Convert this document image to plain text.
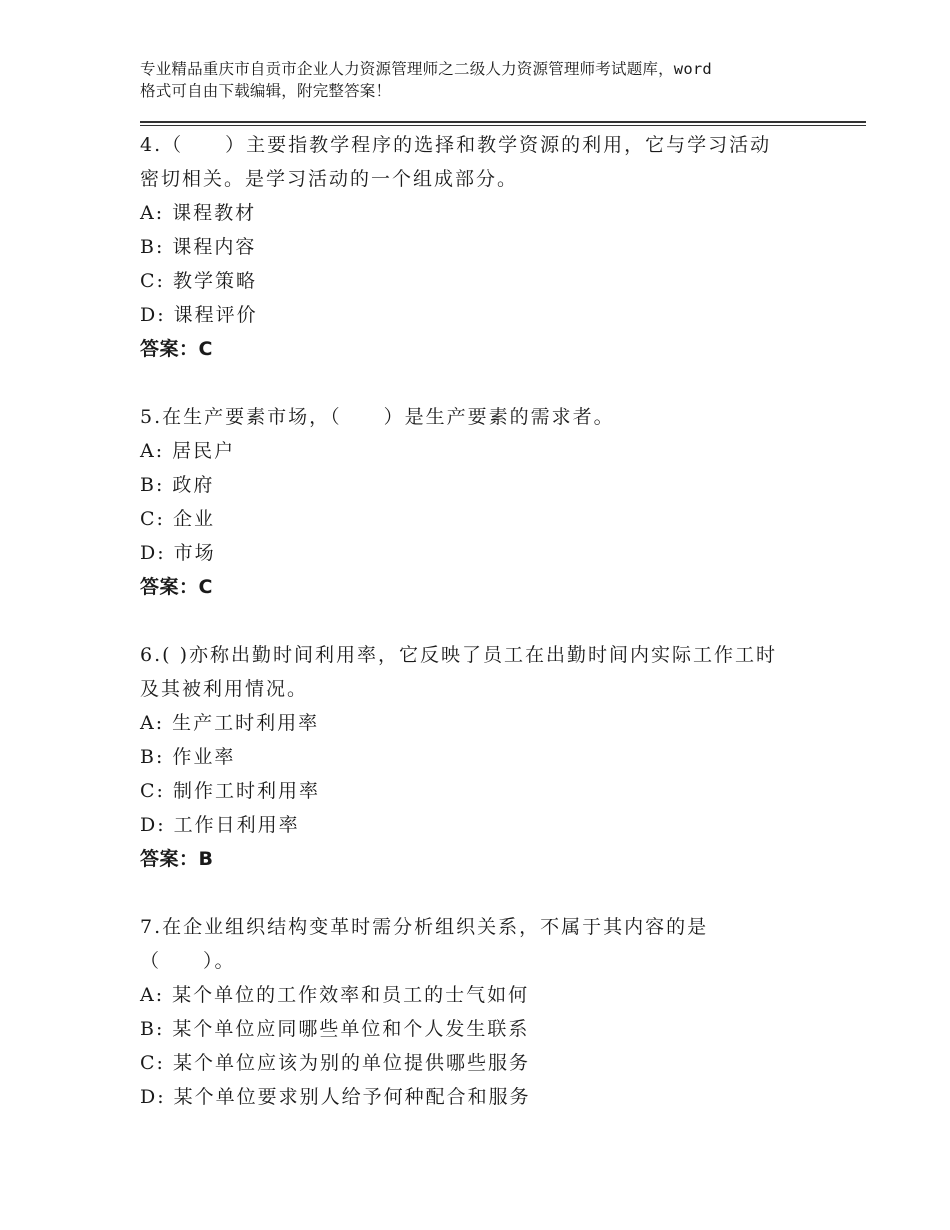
专业精品重庆市自贡市企业人力资源管理师之二级人力资源管理师考试题库，word
格式可自由下载编辑，附完整答案！
4.（　　）主要指教学程序的选择和教学资源的利用，它与学习活动
密切相关。是学习活动的一个组成部分。
A: 课程教材
B: 课程内容
C: 教学策略
D: 课程评价
答案：C
5.在生产要素市场，（　　）是生产要素的需求者。
A: 居民户
B: 政府
C: 企业
D: 市场
答案：C
6.( )亦称出勤时间利用率，它反映了员工在出勤时间内实际工作工时
及其被利用情况。
A: 生产工时利用率
B: 作业率
C: 制作工时利用率
D: 工作日利用率
答案：B
7.在企业组织结构变革时需分析组织关系，不属于其内容的是
（　　）。
A: 某个单位的工作效率和员工的士气如何
B: 某个单位应同哪些单位和个人发生联系
C: 某个单位应该为别的单位提供哪些服务
D: 某个单位要求别人给予何种配合和服务
